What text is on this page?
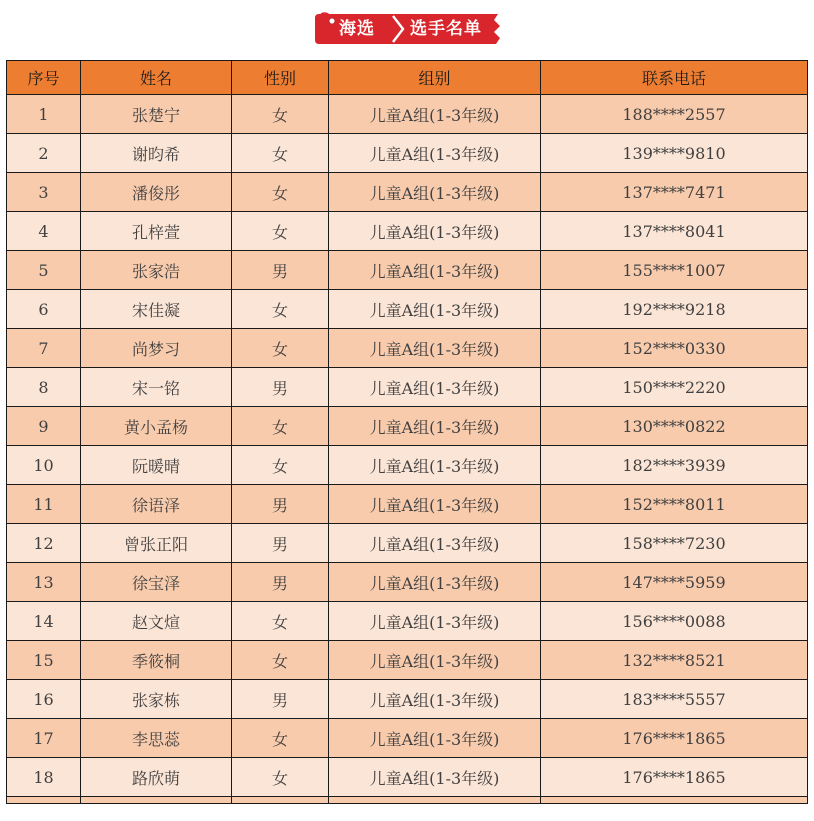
海选 选手名单
序号	姓名	性别	组别	联系电话
1	张楚宁	女	儿童A组(1-3年级)	188****2557
2	谢昀希	女	儿童A组(1-3年级)	139****9810
3	潘俊彤	女	儿童A组(1-3年级)	137****7471
4	孔梓萱	女	儿童A组(1-3年级)	137****8041
5	张家浩	男	儿童A组(1-3年级)	155****1007
6	宋佳凝	女	儿童A组(1-3年级)	192****9218
7	尚梦习	女	儿童A组(1-3年级)	152****0330
8	宋一铭	男	儿童A组(1-3年级)	150****2220
9	黄小孟杨	女	儿童A组(1-3年级)	130****0822
10	阮暖晴	女	儿童A组(1-3年级)	182****3939
11	徐语泽	男	儿童A组(1-3年级)	152****8011
12	曾张正阳	男	儿童A组(1-3年级)	158****7230
13	徐宝泽	男	儿童A组(1-3年级)	147****5959
14	赵文煊	女	儿童A组(1-3年级)	156****0088
15	季筱桐	女	儿童A组(1-3年级)	132****8521
16	张家栋	男	儿童A组(1-3年级)	183****5557
17	李思蕊	女	儿童A组(1-3年级)	176****1865
18	路欣萌	女	儿童A组(1-3年级)	176****1865
